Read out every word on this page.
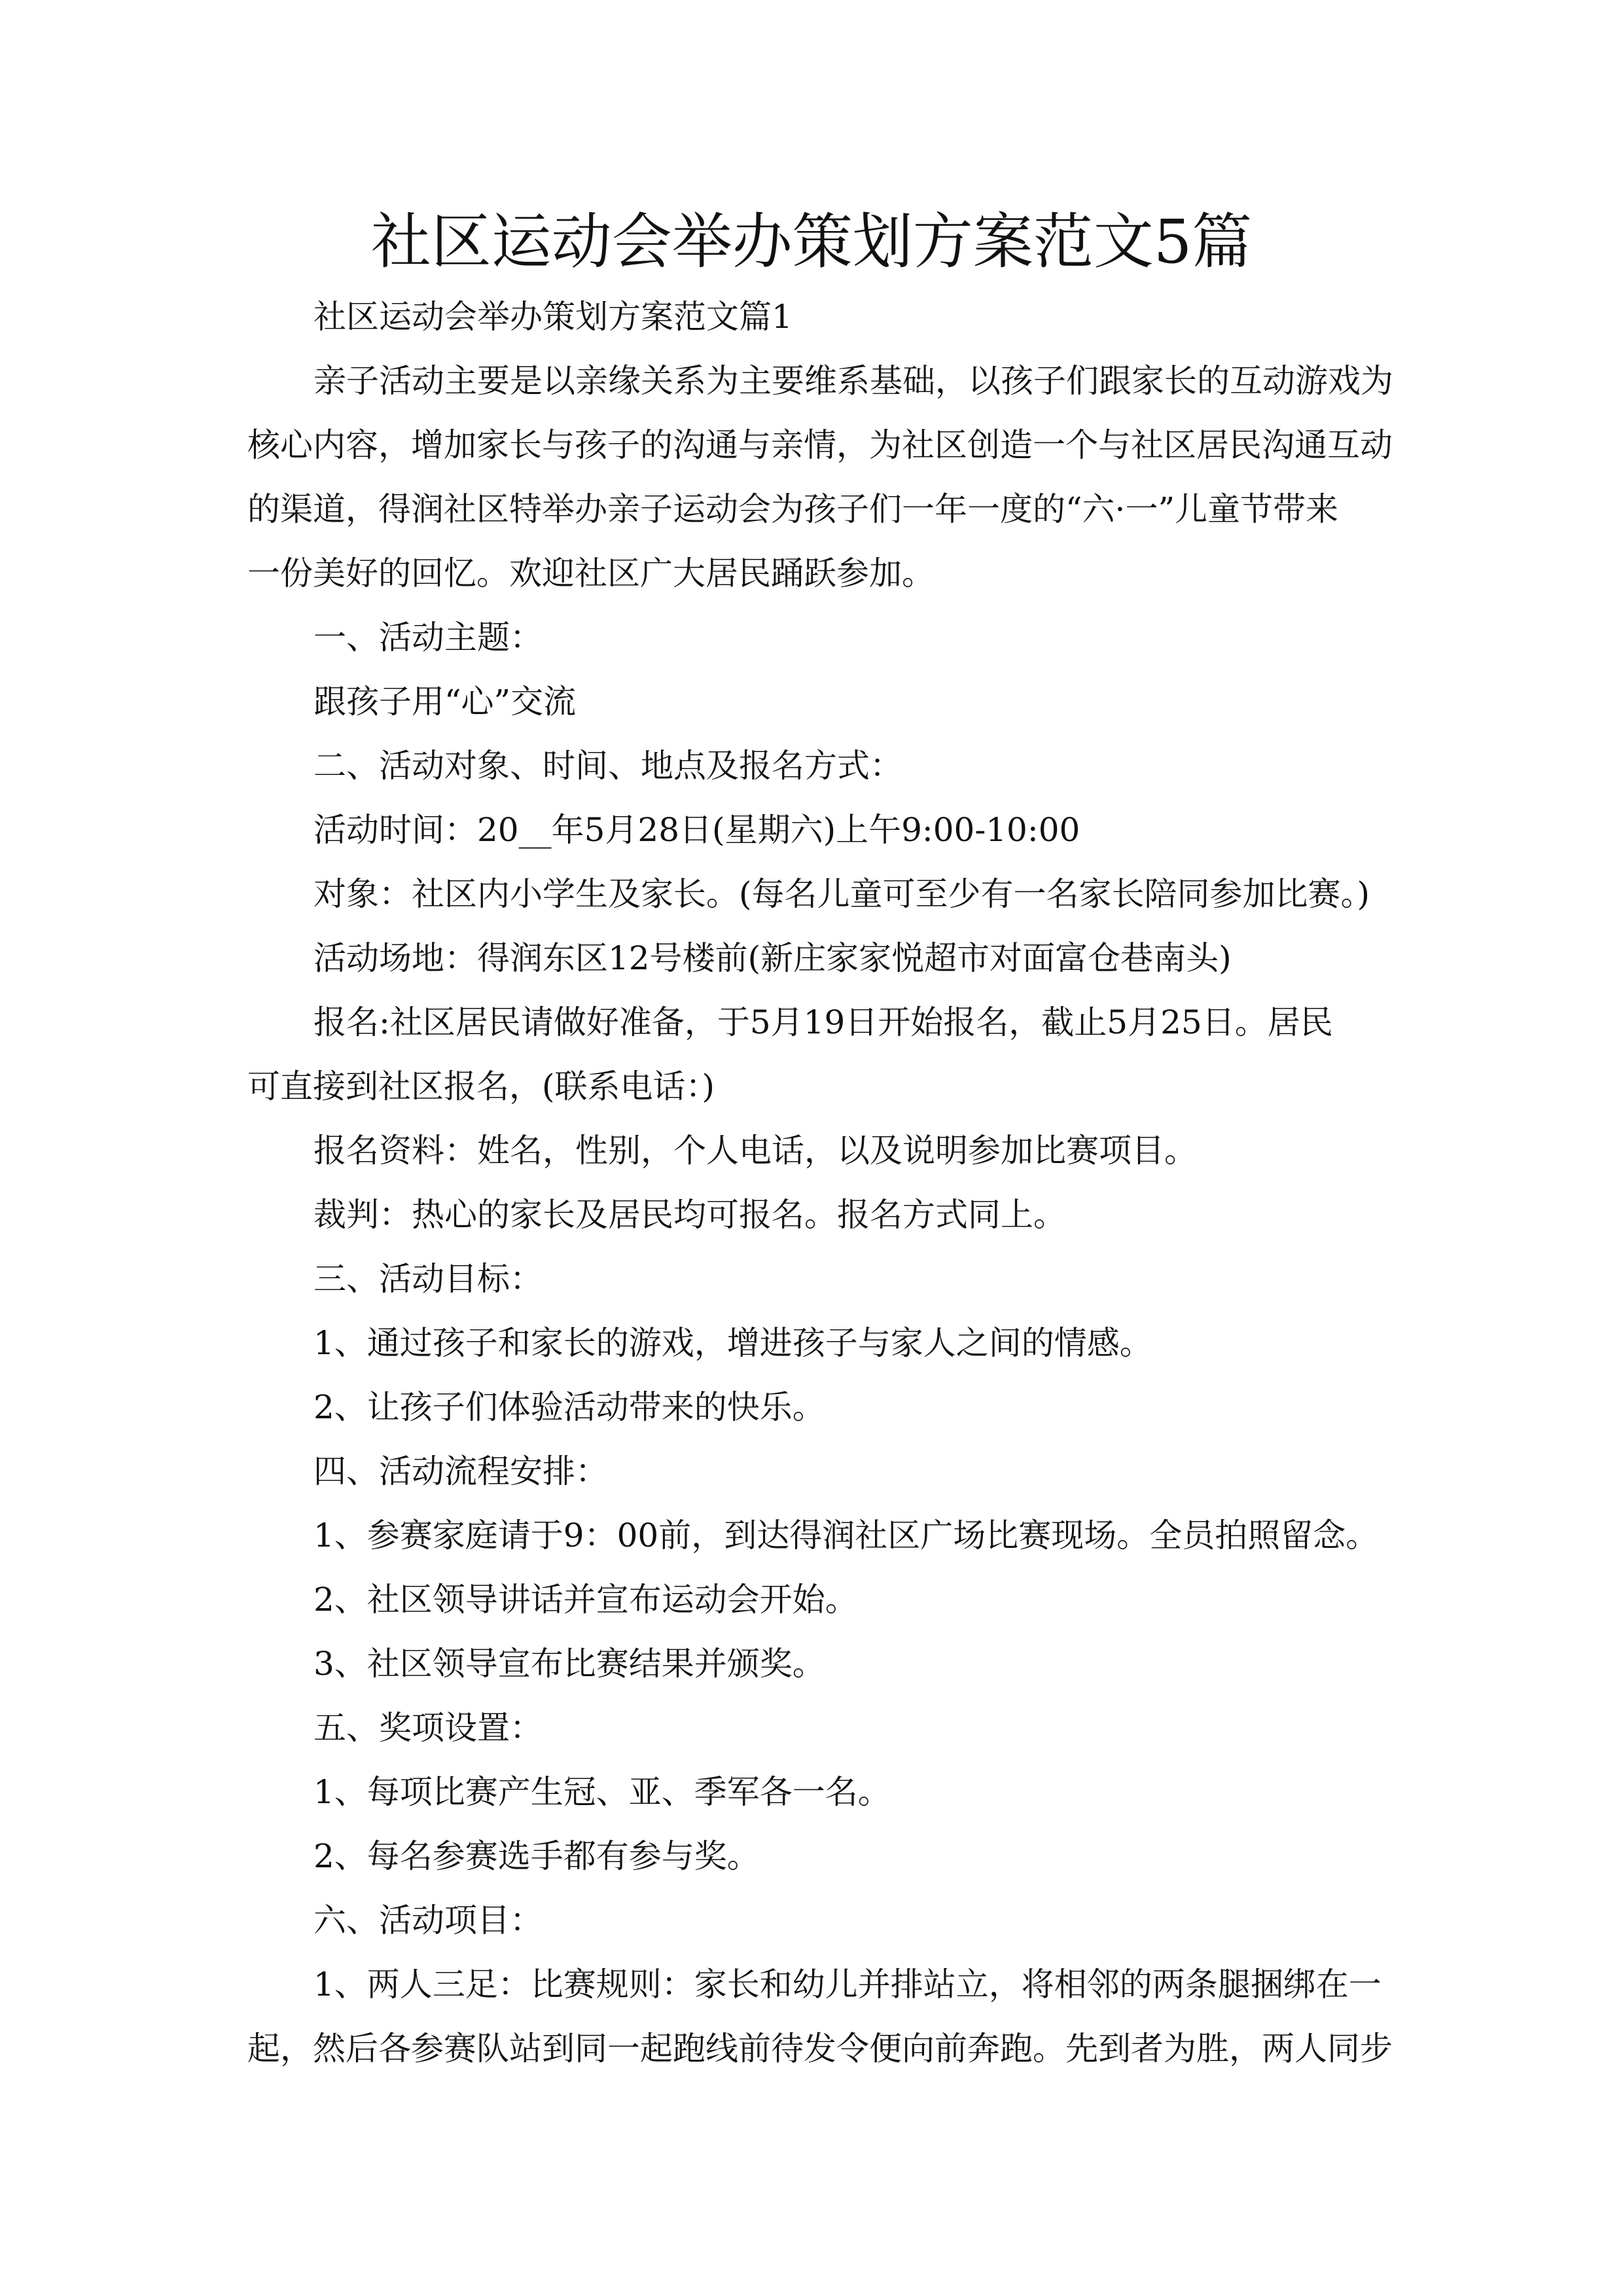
社区运动会举办策划方案范文5篇
社区运动会举办策划方案范文篇1
亲子活动主要是以亲缘关系为主要维系基础，以孩子们跟家长的互动游戏为
核心内容，增加家长与孩子的沟通与亲情，为社区创造一个与社区居民沟通互动
的渠道，得润社区特举办亲子运动会为孩子们一年一度的“六·一”儿童节带来
一份美好的回忆。欢迎社区广大居民踊跃参加。
一、活动主题：
跟孩子用“心”交流
二、活动对象、时间、地点及报名方式：
活动时间：20__年5月28日(星期六)上午9:00-10:00
对象：社区内小学生及家长。(每名儿童可至少有一名家长陪同参加比赛。)
活动场地：得润东区12号楼前(新庄家家悦超市对面富仓巷南头)
报名:社区居民请做好准备，于5月19日开始报名，截止5月25日。居民
可直接到社区报名，(联系电话：)
报名资料：姓名，性别，个人电话，以及说明参加比赛项目。
裁判：热心的家长及居民均可报名。报名方式同上。
三、活动目标：
1、通过孩子和家长的游戏，增进孩子与家人之间的情感。
2、让孩子们体验活动带来的快乐。
四、活动流程安排：
1、参赛家庭请于9：00前，到达得润社区广场比赛现场。全员拍照留念。
2、社区领导讲话并宣布运动会开始。
3、社区领导宣布比赛结果并颁奖。
五、奖项设置：
1、每项比赛产生冠、亚、季军各一名。
2、每名参赛选手都有参与奖。
六、活动项目：
1、两人三足：比赛规则：家长和幼儿并排站立，将相邻的两条腿捆绑在一
起，然后各参赛队站到同一起跑线前待发令便向前奔跑。先到者为胜，两人同步
